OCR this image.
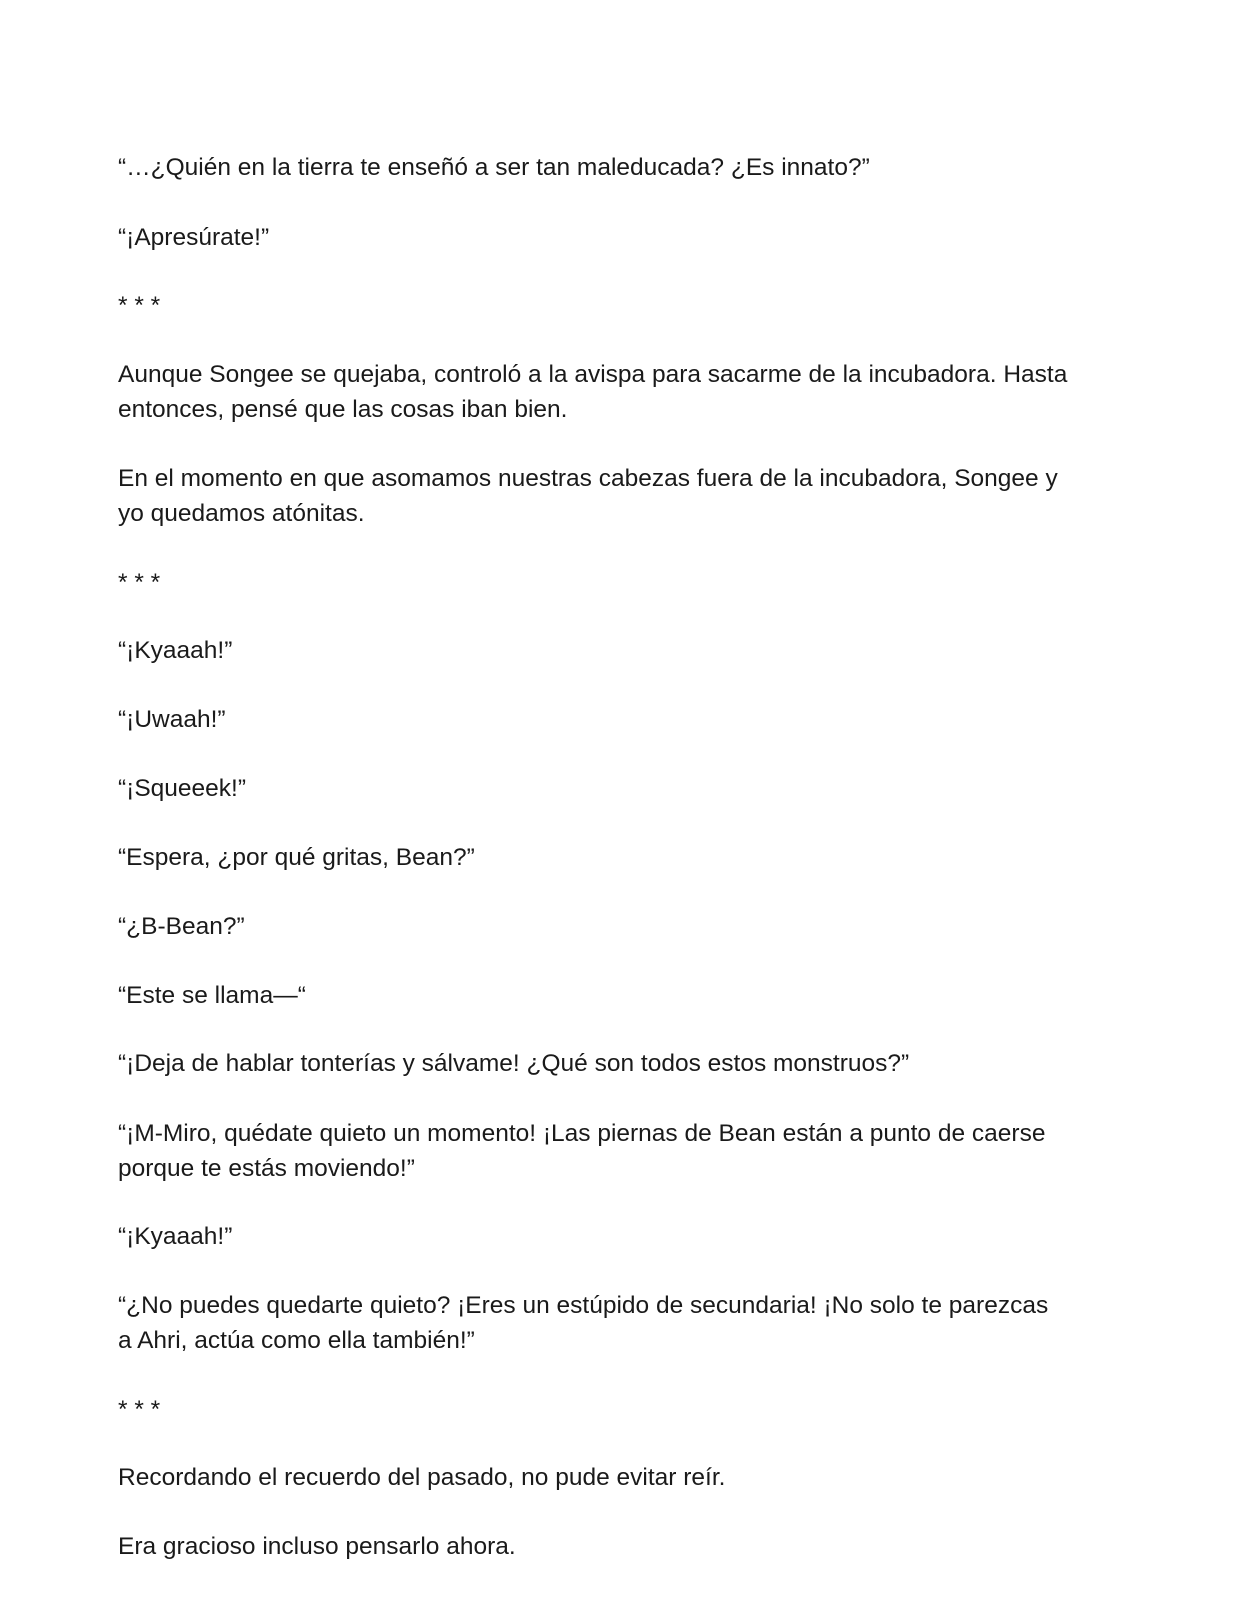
“…¿Quién en la tierra te enseñó a ser tan maleducada? ¿Es innato?”

“¡Apresúrate!”

* * *

Aunque Songee se quejaba, controló a la avispa para sacarme de la incubadora. Hasta

entonces, pensé que las cosas iban bien.

En el momento en que asomamos nuestras cabezas fuera de la incubadora, Songee y

yo quedamos atónitas.

* * *

“¡Kyaaah!”

“¡Uwaah!”

“¡Squeeek!”

“Espera, ¿por qué gritas, Bean?”

“¿B-Bean?”

“Este se llama—“

“¡Deja de hablar tonterías y sálvame! ¿Qué son todos estos monstruos?”

“¡M-Miro, quédate quieto un momento! ¡Las piernas de Bean están a punto de caerse

porque te estás moviendo!”

“¡Kyaaah!”

“¿No puedes quedarte quieto? ¡Eres un estúpido de secundaria! ¡No solo te parezcas

a Ahri, actúa como ella también!”

* * *

Recordando el recuerdo del pasado, no pude evitar reír.

Era gracioso incluso pensarlo ahora.
